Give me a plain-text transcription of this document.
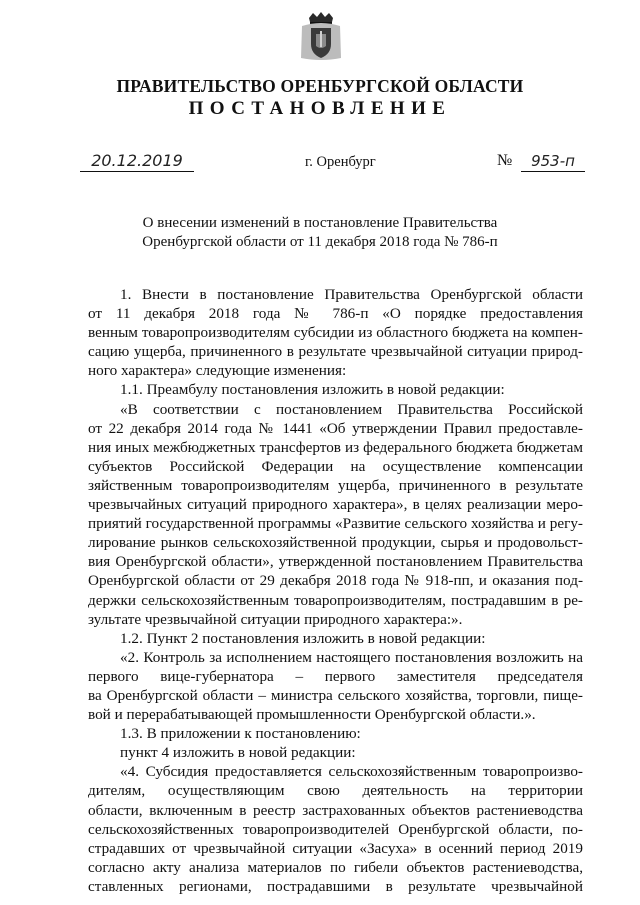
ПРАВИТЕЛЬСТВО ОРЕНБУРГСКОЙ ОБЛАСТИ
ПОСТАНОВЛЕНИЕ
20.12.2019	г. Оренбург	№	953-п
О внесении изменений в постановление Правительства
Оренбургской области от 11 декабря 2018 года № 786-п
1. Внести в постановление Правительства Оренбургской области
от 11 декабря 2018 года № 786-п «О порядке предоставления
венным товаропроизводителям субсидии из областного бюджета на компен-
сацию ущерба, причиненного в результате чрезвычайной ситуации природ-
ного характера» следующие изменения:
1.1. Преамбулу постановления изложить в новой редакции:
«В соответствии с постановлением Правительства Российской
от 22 декабря 2014 года № 1441 «Об утверждении Правил предоставле-
ния иных межбюджетных трансфертов из федерального бюджета бюджетам
субъектов Российской Федерации на осуществление компенсации
зяйственным товаропроизводителям ущерба, причиненного в результате
чрезвычайных ситуаций природного характера», в целях реализации меро-
приятий государственной программы «Развитие сельского хозяйства и регу-
лирование рынков сельскохозяйственной продукции, сырья и продовольст-
вия Оренбургской области», утвержденной постановлением Правительства
Оренбургской области от 29 декабря 2018 года № 918-пп, и оказания под-
держки сельскохозяйственным товаропроизводителям, пострадавшим в ре-
зультате чрезвычайной ситуации природного характера:».
1.2. Пункт 2 постановления изложить в новой редакции:
«2. Контроль за исполнением настоящего постановления возложить на
первого вице-губернатора – первого заместителя председателя
ва Оренбургской области – министра сельского хозяйства, торговли, пище-
вой и перерабатывающей промышленности Оренбургской области.».
1.3. В приложении к постановлению:
пункт 4 изложить в новой редакции:
«4. Субсидия предоставляется сельскохозяйственным товаропроизво-
дителям, осуществляющим свою деятельность на территории
области, включенным в реестр застрахованных объектов растениеводства
сельскохозяйственных товаропроизводителей Оренбургской области, по-
страдавших от чрезвычайной ситуации «Засуха» в осенний период 2019
согласно акту анализа материалов по гибели объектов растениеводства,
ставленных регионами, пострадавшими в результате чрезвычайной
